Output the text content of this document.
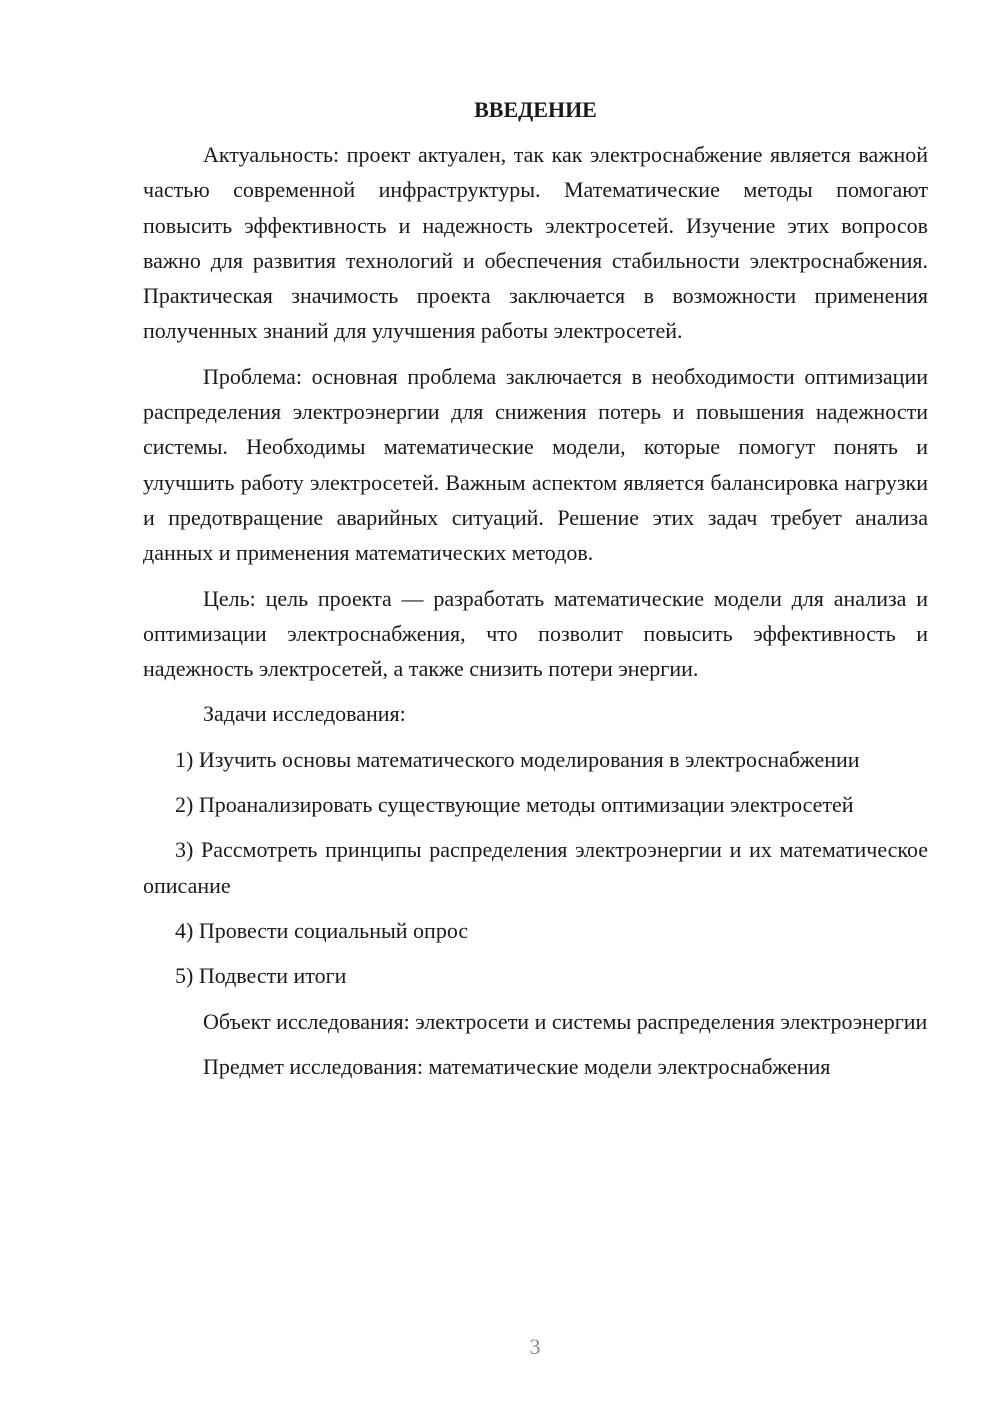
ВВЕДЕНИЕ

Актуальность: проект актуален, так как электроснабжение является важной частью современной инфраструктуры. Математические методы помогают повысить эффективность и надежность электросетей. Изучение этих вопросов важно для развития технологий и обеспечения стабильности электроснабжения. Практическая значимость проекта заключается в возможности применения полученных знаний для улучшения работы электросетей.

Проблема: основная проблема заключается в необходимости оптимизации распределения электроэнергии для снижения потерь и повышения надежности системы. Необходимы математические модели, которые помогут понять и улучшить работу электросетей. Важным аспектом является балансировка нагрузки и предотвращение аварийных ситуаций. Решение этих задач требует анализа данных и применения математических методов.

Цель: цель проекта — разработать математические модели для анализа и оптимизации электроснабжения, что позволит повысить эффективность и надежность электросетей, а также снизить потери энергии.

Задачи исследования:

1) Изучить основы математического моделирования в электроснабжении

2) Проанализировать существующие методы оптимизации электросетей

3) Рассмотреть принципы распределения электроэнергии и их математическое описание

4) Провести социальный опрос

5) Подвести итоги

Объект исследования: электросети и системы распределения электроэнергии

Предмет исследования: математические модели электроснабжения

3
